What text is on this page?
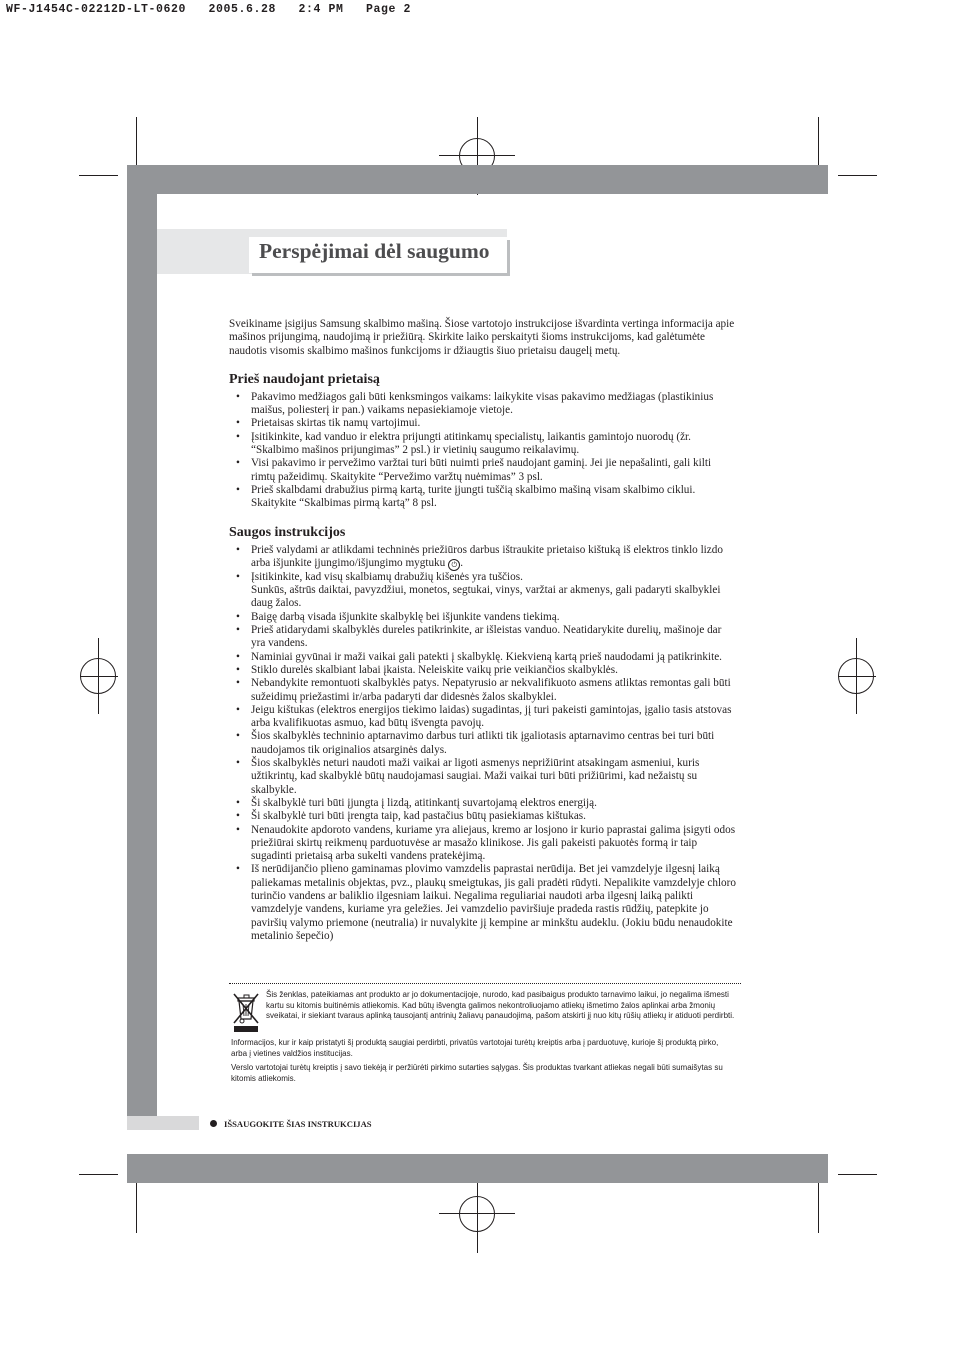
WF-J1454C-02212D-LT-0620   2005.6.28   2:4 PM   Page 2
Perspėjimai dėl saugumo

Sveikiname įsigijus Samsung skalbimo mašiną. Šiose vartotojo instrukcijose išvardinta vertinga informacija apie mašinos prijungimą, naudojimą ir priežiūrą. Skirkite laiko perskaityti šioms instrukcijoms, kad galėtumėte naudotis visomis skalbimo mašinos funkcijoms ir džiaugtis šiuo prietaisu daugelį metų.

Prieš naudojant prietaisą
• Pakavimo medžiagos gali būti kenksmingos vaikams: laikykite visas pakavimo medžiagas (plastikinius maišus, poliesterį ir pan.) vaikams nepasiekiamoje vietoje.
• Prietaisas skirtas tik namų vartojimui.
• Įsitikinkite, kad vanduo ir elektra prijungti atitinkamų specialistų, laikantis gamintojo nuorodų (žr. “Skalbimo mašinos prijungimas” 2 psl.) ir vietinių saugumo reikalavimų.
• Visi pakavimo ir pervežimo varžtai turi būti nuimti prieš naudojant gaminį. Jei jie nepašalinti, gali kilti rimtų pažeidimų. Skaitykite “Pervežimo varžtų nuėmimas” 3 psl.
• Prieš skalbdami drabužius pirmą kartą, turite įjungti tuščią skalbimo mašiną visam skalbimo ciklui. Skaitykite “Skalbimas pirmą kartą” 8 psl.
Saugos instrukcijos
• Prieš valydami ar atlikdami techninės priežiūros darbus ištraukite prietaiso kištuką iš elektros tinklo lizdo arba išjunkite įjungimo/išjungimo mygtuku ⏻ .
• Įsitikinkite, kad visų skalbiamų drabužių kišenės yra tuščios.
Sunkūs, aštrūs daiktai, pavyzdžiui, monetos, segtukai, vinys, varžtai ar akmenys, gali padaryti skalbyklei daug žalos.
• Baigę darbą visada išjunkite skalbyklę bei išjunkite vandens tiekimą.
• Prieš atidarydami skalbyklės dureles patikrinkite, ar išleistas vanduo. Neatidarykite durelių, mašinoje dar yra vandens.
• Naminiai gyvūnai ir maži vaikai gali patekti į skalbyklę. Kiekvieną kartą prieš naudodami ją patikrinkite.
• Stiklo durelės skalbiant labai įkaista. Neleiskite vaikų prie veikiančios skalbyklės.
• Nebandykite remontuoti skalbyklės patys. Nepatyrusio ar nekvalifikuoto asmens atliktas remontas gali būti sužeidimų priežastimi ir/arba padaryti dar didesnės žalos skalbyklei.
• Jeigu kištukas (elektros energijos tiekimo laidas) sugadintas, jį turi pakeisti gamintojas, įgalio tasis atstovas arba kvalifikuotas asmuo, kad būtų išvengta pavojų.
• Šios skalbyklės techninio aptarnavimo darbus turi atlikti tik įgaliotasis aptarnavimo centras bei turi būti naudojamos tik originalios atsarginės dalys.
• Šios skalbyklės neturi naudoti maži vaikai ar ligoti asmenys neprižiūrint atsakingam asmeniui, kuris užtikrintų, kad skalbyklė būtų naudojamasi saugiai. Maži vaikai turi būti prižiūrimi, kad nežaistų su skalbykle.
• Ši skalbyklė turi būti įjungta į lizdą, atitinkantį suvartojamą elektros energiją.
• Ši skalbyklė turi būti įrengta taip, kad pastačius būtų pasiekiamas kištukas.
• Nenaudokite apdoroto vandens, kuriame yra aliejaus, kremo ar losjono ir kurio paprastai galima įsigyti odos priežiūrai skirtų reikmenų parduotuvėse ar masažo klinikose. Jis gali pakeisti pakuotės formą ir taip sugadinti prietaisą arba sukelti vandens pratekėjimą.
• Iš nerūdijančio plieno gaminamas plovimo vamzdelis paprastai nerūdija. Bet jei vamzdelyje ilgesnį laiką paliekamas metalinis objektas, pvz., plaukų smeigtukas, jis gali pradėti rūdyti. Nepalikite vamzdelyje chloro turinčio vandens ar baliklio ilgesniam laikui. Negalima reguliariai naudoti arba ilgesnį laiką palikti vamzdelyje vandens, kuriame yra geležies. Jei vamzdelio paviršiuje pradeda rastis rūdžių, patepkite jo paviršių valymo priemone (neutralia) ir nuvalykite jį kempine ar minkštu audeklu. (Jokiu būdu nenaudokite metalinio šepečio)
Šis ženklas, pateikiamas ant produkto ar jo dokumentacijoje, nurodo, kad pasibaigus produkto tarnavimo laikui, jo negalima išmesti kartu su kitomis buitinėmis atliekomis. Kad būtų išvengta galimos nekontroliuojamo atliekų išmetimo žalos aplinkai arba žmonių sveikatai, ir siekiant tvaraus aplinką tausojantį antrinių žaliavų panaudojimą, pašom atskirti jį nuo kitų rūšių atliekų ir atiduoti perdirbti.
Informacijos, kur ir kaip pristatyti šį produktą saugiai perdirbti, privatūs vartotojai turėtų kreiptis arba į parduotuvę, kurioje šį produktą pirko, arba į vietines valdžios institucijas.
Verslo vartotojai turėtų kreiptis į savo tiekėją ir peržiūrėti pirkimo sutarties sąlygas. Šis produktas tvarkant atliekas negali būti sumaišytas su kitomis atliekomis.
IŠSAUGOKITE ŠIAS INSTRUKCIJAS
